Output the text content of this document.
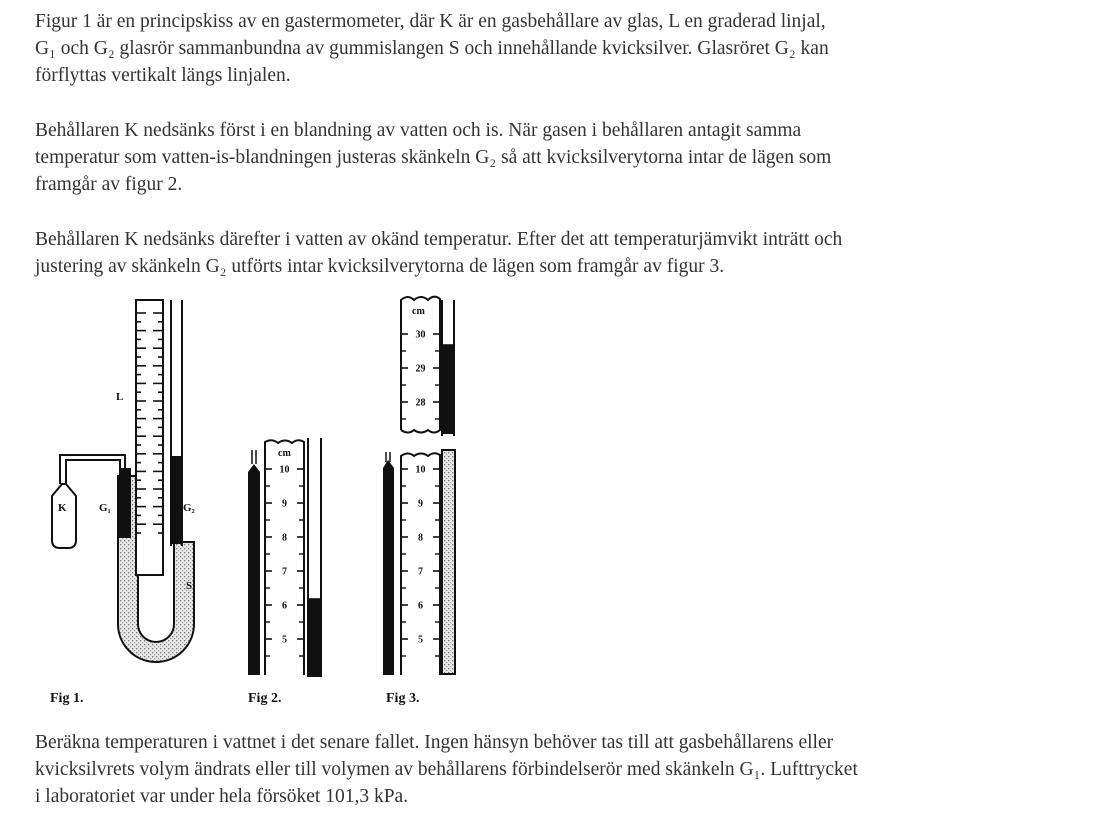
Figur 1 är en principskiss av en gastermometer, där K är en gasbehållare av glas, L en graderad linjal,
G₁ och G₂ glasrör sammanbundna av gummislangen S och innehållande kvicksilver. Glasröret G₂ kan
förflyttas vertikalt längs linjalen.

Behållaren K nedsänks först i en blandning av vatten och is. När gasen i behållaren antagit samma
temperatur som vatten-is-blandningen justeras skänkeln G₂ så att kvicksilverytorna intar de lägen som
framgår av figur 2.

Behållaren K nedsänks därefter i vatten av okänd temperatur. Efter det att temperaturjämvikt inträtt och
justering av skänkeln G₂ utförts intar kvicksilverytorna de lägen som framgår av figur 3.

L
K	G₁	G₂
S
Fig 1.
cm
10
9
8
7
6
5
Fig 2.
cm
30
29
28
10
9
8
7
6
5
Fig 3.

Beräkna temperaturen i vattnet i det senare fallet. Ingen hänsyn behöver tas till att gasbehållarens eller
kvicksilvrets volym ändrats eller till volymen av behållarens förbindelserör med skänkeln G₁. Lufttrycket
i laboratoriet var under hela försöket 101,3 kPa.
